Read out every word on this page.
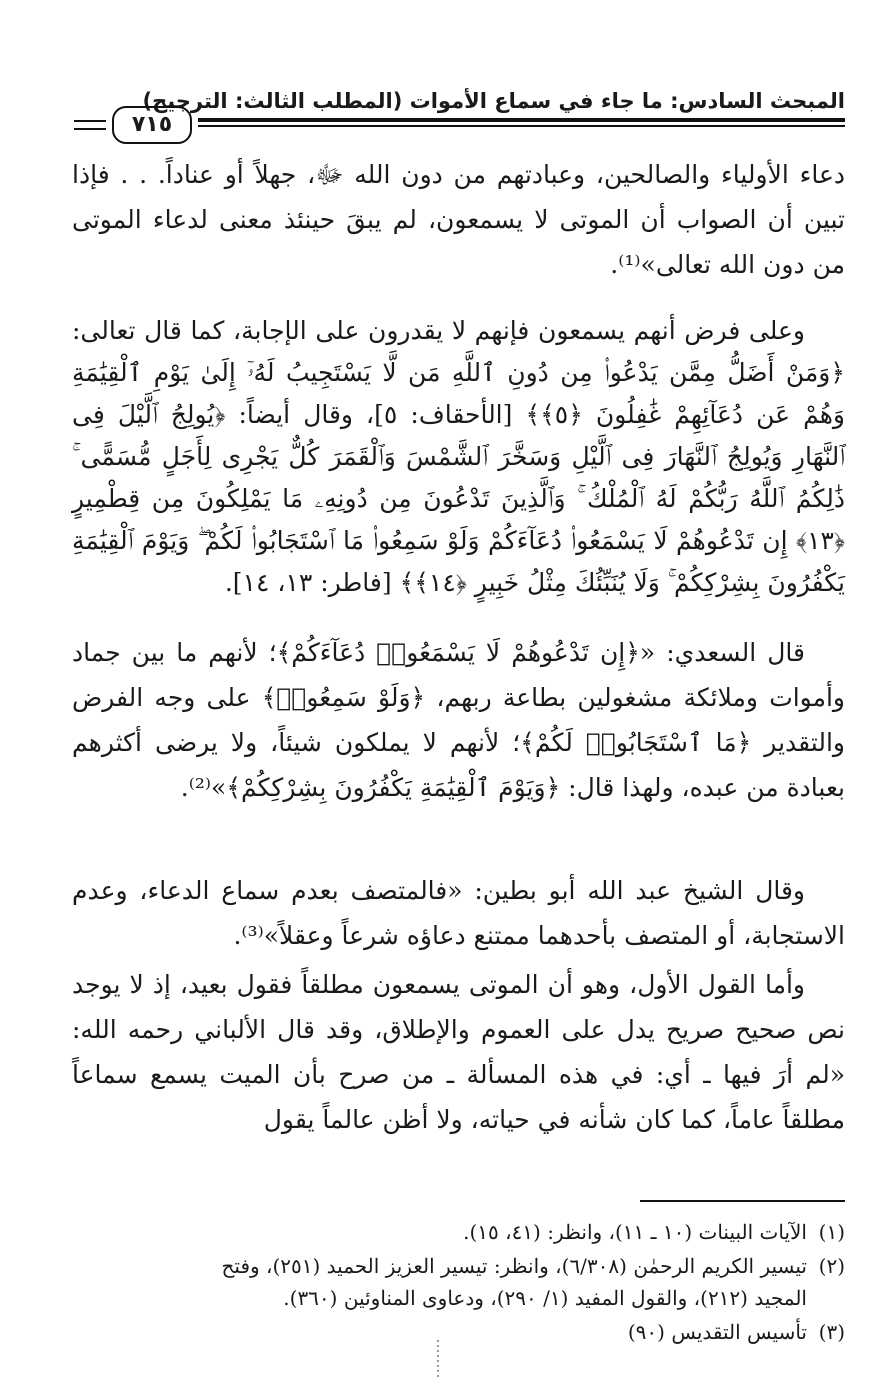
المبحث السادس: ما جاء في سماع الأموات (المطلب الثالث: الترجيح)
٧١٥

دعاء الأولياء والصالحين، وعبادتهم من دون الله ﷻ، جهلاً أو عناداً. . . فإذا تبين أن الصواب أن الموتى لا يسمعون، لم يبقَ حينئذ معنى لدعاء الموتى من دون الله تعالى»⁽¹⁾.

وعلى فرض أنهم يسمعون فإنهم لا يقدرون على الإجابة، كما قال تعالى: ﴿وَمَنْ أَضَلُّ مِمَّن يَدْعُوا۟ مِن دُونِ ٱللَّهِ مَن لَّا يَسْتَجِيبُ لَهُۥٓ إِلَىٰ يَوْمِ ٱلْقِيَٰمَةِ وَهُمْ عَن دُعَآئِهِمْ غَٰفِلُونَ ﴿٥﴾﴾ [الأحقاف: ٥]، وقال أيضاً: ﴿يُولِجُ ٱلَّيْلَ فِى ٱلنَّهَارِ وَيُولِجُ ٱلنَّهَارَ فِى ٱلَّيْلِ وَسَخَّرَ ٱلشَّمْسَ وَٱلْقَمَرَ كُلٌّ يَجْرِى لِأَجَلٍ مُّسَمًّى ۚ ذَٰلِكُمُ ٱللَّهُ رَبُّكُمْ لَهُ ٱلْمُلْكُ ۚ وَٱلَّذِينَ تَدْعُونَ مِن دُونِهِۦ مَا يَمْلِكُونَ مِن قِطْمِيرٍ ﴿١٣﴾ إِن تَدْعُوهُمْ لَا يَسْمَعُوا۟ دُعَآءَكُمْ وَلَوْ سَمِعُوا۟ مَا ٱسْتَجَابُوا۟ لَكُمْ ۖ وَيَوْمَ ٱلْقِيَٰمَةِ يَكْفُرُونَ بِشِرْكِكُمْ ۚ وَلَا يُنَبِّئُكَ مِثْلُ خَبِيرٍ ﴿١٤﴾﴾ [فاطر: ١٣، ١٤].

قال السعدي: «﴿إِن تَدْعُوهُمْ لَا يَسْمَعُوا۟ دُعَآءَكُمْ﴾؛ لأنهم ما بين جماد وأموات وملائكة مشغولين بطاعة ربهم، ﴿وَلَوْ سَمِعُوا۟﴾ على وجه الفرض والتقدير ﴿مَا ٱسْتَجَابُوا۟ لَكُمْ﴾؛ لأنهم لا يملكون شيئاً، ولا يرضى أكثرهم بعبادة من عبده، ولهذا قال: ﴿وَيَوْمَ ٱلْقِيَٰمَةِ يَكْفُرُونَ بِشِرْكِكُمْ﴾»⁽²⁾.

وقال الشيخ عبد الله أبو بطين: «فالمتصف بعدم سماع الدعاء، وعدم الاستجابة، أو المتصف بأحدهما ممتنع دعاؤه شرعاً وعقلاً»⁽³⁾.

وأما القول الأول، وهو أن الموتى يسمعون مطلقاً فقول بعيد، إذ لا يوجد نص صحيح صريح يدل على العموم والإطلاق، وقد قال الألباني رحمه الله: «لم أرَ فيها ـ أي: في هذه المسألة ـ من صرح بأن الميت يسمع سماعاً مطلقاً عاماً، كما كان شأنه في حياته، ولا أظن عالماً يقول

(١)الآيات البينات (١٠ ـ ١١)، وانظر: (٤١، ١٥).

(٢)تيسير الكريم الرحمٰن (٦/٣٠٨)، وانظر: تيسير العزيز الحميد (٢٥١)، وفتح

المجيد (٢١٢)، والقول المفيد (١/ ٢٩٠)، ودعاوى المناوئين (٣٦٠).

(٣)تأسيس التقديس (٩٠)
